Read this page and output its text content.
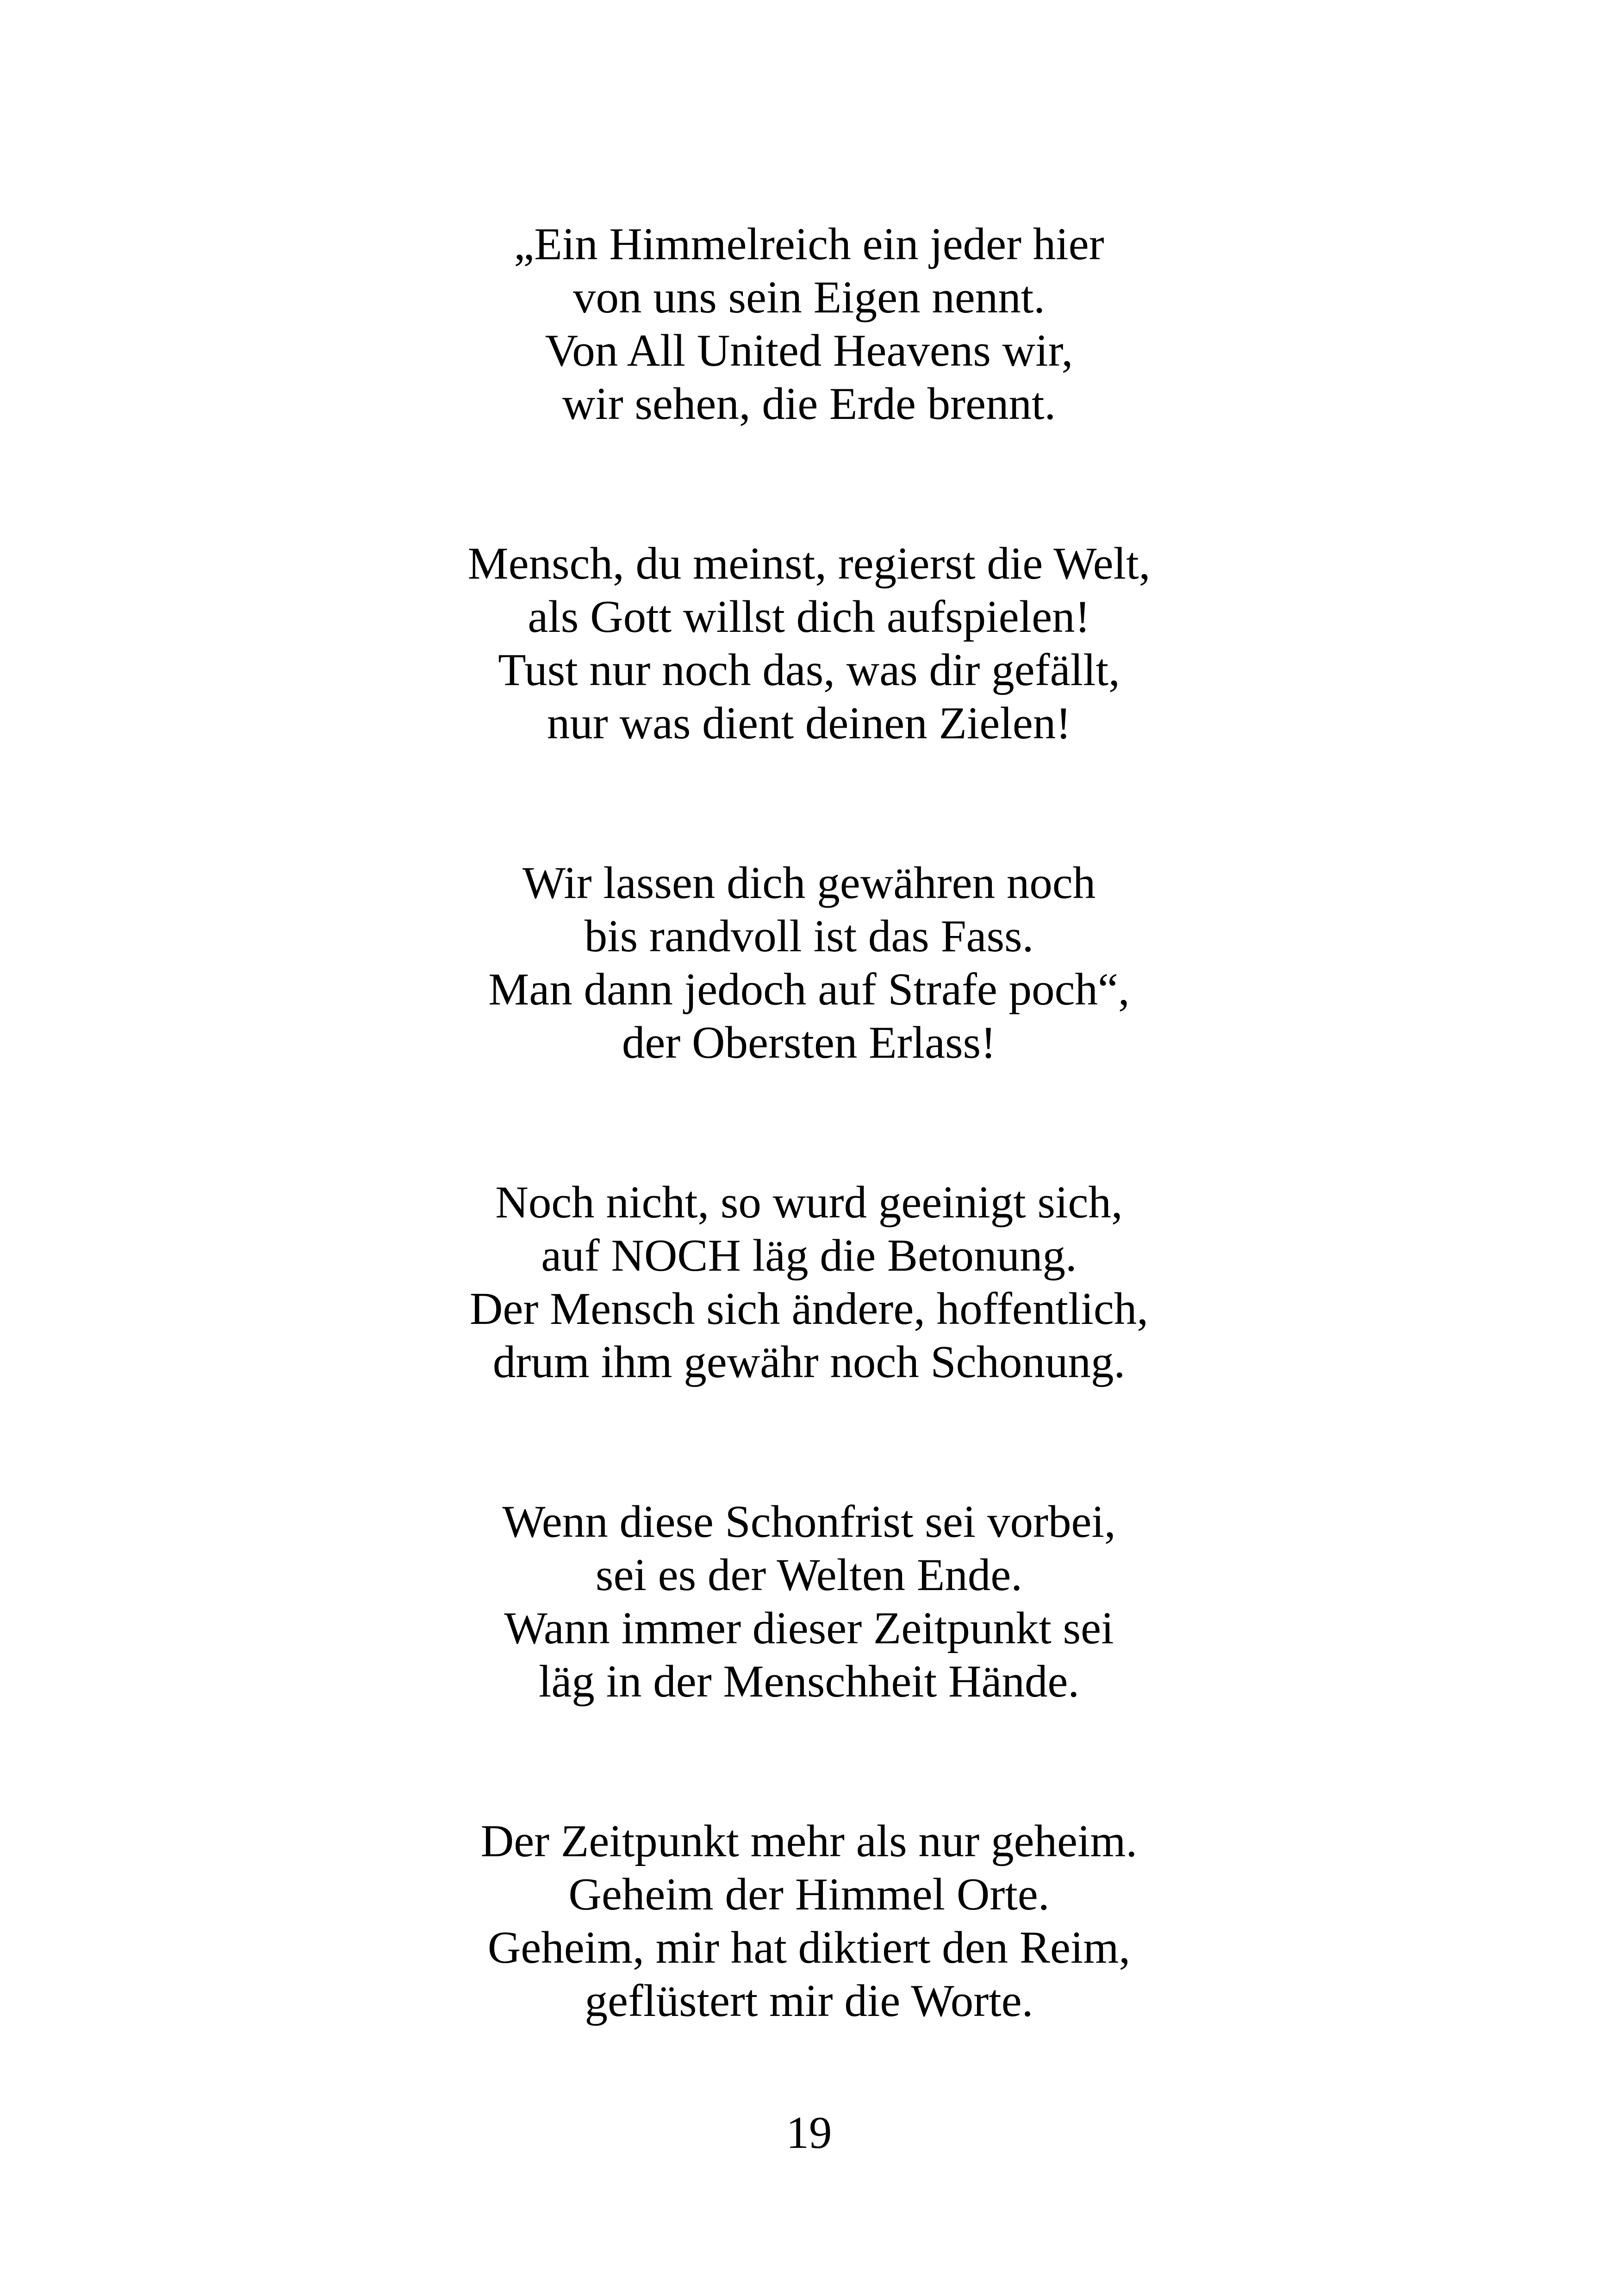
„Ein Himmelreich ein jeder hier
von uns sein Eigen nennt.
Von All United Heavens wir,
wir sehen, die Erde brennt.
Mensch, du meinst, regierst die Welt,
als Gott willst dich aufspielen!
Tust nur noch das, was dir gefällt,
nur was dient deinen Zielen!
Wir lassen dich gewähren noch
bis randvoll ist das Fass.
Man dann jedoch auf Strafe poch“,
der Obersten Erlass!
Noch nicht, so wurd geeinigt sich,
auf NOCH läg die Betonung.
Der Mensch sich ändere, hoffentlich,
drum ihm gewähr noch Schonung.
Wenn diese Schonfrist sei vorbei,
sei es der Welten Ende.
Wann immer dieser Zeitpunkt sei
läg in der Menschheit Hände.
Der Zeitpunkt mehr als nur geheim.
Geheim der Himmel Orte.
Geheim, mir hat diktiert den Reim,
geflüstert mir die Worte.
19
